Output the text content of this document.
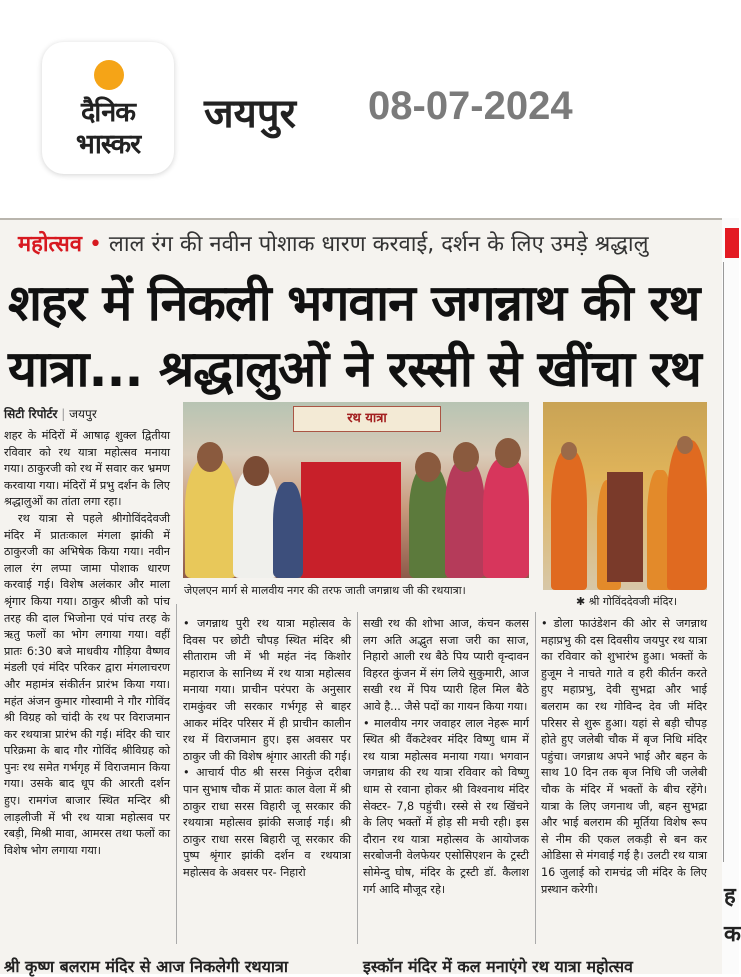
दैनिक
भास्कर
जयपुर 08-07-2024
ह
क
महोत्सव • लाल रंग की नवीन पोशाक धारण करवाई, दर्शन के लिए उमड़े श्रद्धालु
शहर में निकली भगवान जगन्नाथ की रथ
यात्रा... श्रद्धालुओं ने रस्सी से खींचा रथ
सिटी रिपोर्टर | जयपुर	रथ यात्रा
जेएलएन मार्ग से मालवीय नगर की तरफ जाती जगन्नाथ जी की रथयात्रा।
✱ श्री गोविंददेवजी मंदिर।

शहर के मंदिरों में आषाढ़ शुक्ल द्वितीया रविवार को रथ यात्रा महोत्सव मनाया गया। ठाकुरजी को रथ में सवार कर भ्रमण करवाया गया। मंदिरों में प्रभु दर्शन के लिए श्रद्धालुओं का तांता लगा रहा।

रथ यात्रा से पहले श्रीगोविंददेवजी मंदिर में प्रातःकाल मंगला झांकी में ठाकुरजी का अभिषेक किया गया। नवीन लाल रंग लप्पा जामा पोशाक धारण करवाई गई। विशेष अलंकार और माला श्रृंगार किया गया। ठाकुर श्रीजी को पांच तरह की दाल भिजोना एवं पांच तरह के ऋतु फलों का भोग लगाया गया। वहीं प्रातः 6:30 बजे माधवीय गौड़िया वैष्णव मंडली एवं मंदिर परिकर द्वारा मंगलाचरण और महामंत्र संकीर्तन प्रारंभ किया गया। महंत अंजन कुमार गोस्वामी ने गौर गोविंद श्री विग्रह को चांदी के रथ पर विराजमान कर रथयात्रा प्रारंभ की गई। मंदिर की चार परिक्रमा के बाद गौर गोविंद श्रीविग्रह को पुनः रथ समेत गर्भगृह में विराजमान किया गया। उसके बाद धूप की आरती दर्शन हुए। रामगंज बाजार स्थित मन्दिर श्री लाड़लीजी में भी रथ यात्रा महोत्सव पर रबड़ी, मिश्री मावा, आमरस तथा फलों का विशेष भोग लगाया गया।

• जगन्नाथ पुरी रथ यात्रा महोत्सव के दिवस पर छोटी चौपड़ स्थित मंदिर श्री सीताराम जी में भी महंत नंद किशोर महाराज के सानिध्य में रथ यात्रा महोत्सव मनाया गया। प्राचीन परंपरा के अनुसार रामकुंवर जी सरकार गर्भगृह से बाहर आकर मंदिर परिसर में ही प्राचीन कालीन रथ में विराजमान हुए। इस अवसर पर ठाकुर जी की विशेष श्रृंगार आरती की गई।

• आचार्य पीठ श्री सरस निकुंज दरीबा पान सुभाष चौक में प्रातः काल वेला में श्री ठाकुर राधा सरस विहारी जू सरकार की रथयात्रा महोत्सव झांकी सजाई गई। श्री ठाकुर राधा सरस बिहारी जू सरकार की पुष्प श्रृंगार झांकी दर्शन व रथयात्रा महोत्सव के अवसर पर- निहारो

सखी रथ की शोभा आज, कंचन कलस लग अति अद्भुत सजा जरी का साज, निहारो आली रथ बैठे पिय प्यारी वृन्दावन विहरत कुंजन में संग लिये सुकुमारी, आज सखी रथ में पिय प्यारी हिल मिल बैठे आवे है... जैसे पदों का गायन किया गया।

• मालवीय नगर जवाहर लाल नेहरू मार्ग स्थित श्री वैंकटेश्वर मंदिर विष्णु धाम में रथ यात्रा महोत्सव मनाया गया। भगवान जगन्नाथ की रथ यात्रा रविवार को विष्णु धाम से रवाना होकर श्री विश्वनाथ मंदिर सेक्टर- 7,8 पहुंची। रस्से से रथ खिंचने के लिए भक्तों में होड़ सी मची रही। इस दौरान रथ यात्रा महोत्सव के आयोजक सरबोजनी वेलफेयर एसोसिएशन के ट्रस्टी सोमेन्दु घोष, मंदिर के ट्रस्टी डॉ. कैलाश गर्ग आदि मौजूद रहे।

• डोला फाउंडेशन की ओर से जगन्नाथ महाप्रभु की दस दिवसीय जयपुर रथ यात्रा का रविवार को शुभारंभ हुआ। भक्तों के हुजूम ने नाचते गाते व हरी कीर्तन करते हुए महाप्रभु, देवी सुभद्रा और भाई बलराम का रथ गोविन्द देव जी मंदिर परिसर से शुरू हुआ। यहां से बड़ी चौपड़ होते हुए जलेबी चौक में बृज निधि मंदिर पहुंचा। जगन्नाथ अपने भाई और बहन के साथ 10 दिन तक बृज निधि जी जलेबी चौक के मंदिर में भक्तों के बीच रहेंगे। यात्रा के लिए जगनाथ जी, बहन सुभद्रा और भाई बलराम की मूर्तिया विशेष रूप से नीम की एकल लकड़ी से बन कर ओडिसा से मंगवाई गई है। उलटी रथ यात्रा 16 जुलाई को रामचंद्र जी मंदिर के लिए प्रस्थान करेगी।

श्री कृष्ण बलराम मंदिर से आज निकलेगी रथयात्रा	इस्कॉन मंदिर में कल मनाएंगे रथ यात्रा महोत्सव
